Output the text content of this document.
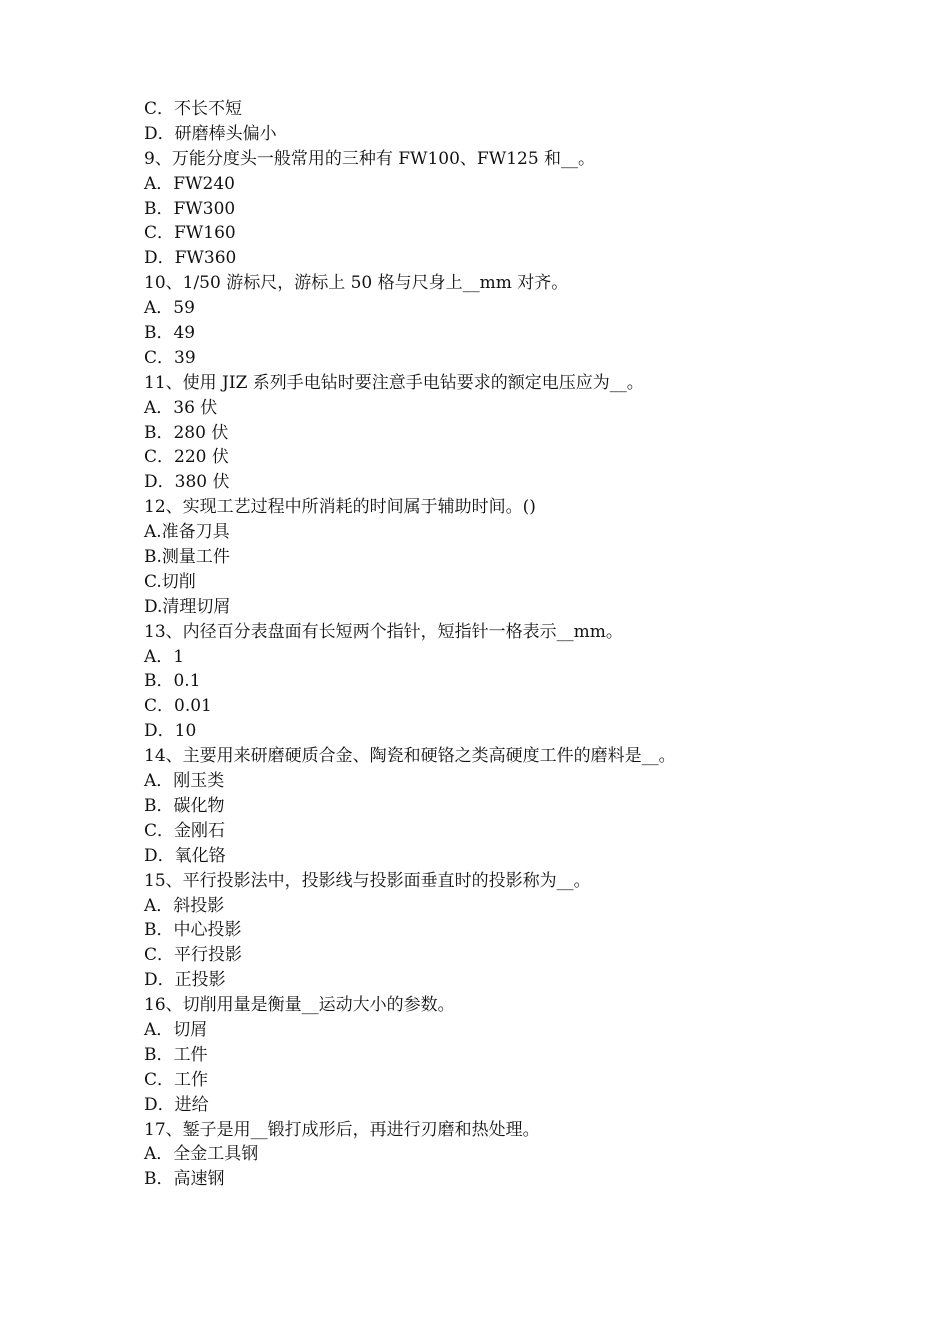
C．不长不短
D．研磨棒头偏小
9、万能分度头一般常用的三种有 FW100、FW125 和__。
A．FW240
B．FW300
C．FW160
D．FW360
10、1/50 游标尺，游标上 50 格与尺身上__mm 对齐。
A．59
B．49
C．39
11、使用 JIZ 系列手电钻时要注意手电钻要求的额定电压应为__。
A．36 伏
B．280 伏
C．220 伏
D．380 伏
12、实现工艺过程中所消耗的时间属于辅助时间。()
A.准备刀具
B.测量工件
C.切削
D.清理切屑
13、内径百分表盘面有长短两个指针，短指针一格表示__mm。
A．1
B．0.1
C．0.01
D．10
14、主要用来研磨硬质合金、陶瓷和硬铬之类高硬度工件的磨料是__。
A．刚玉类
B．碳化物
C．金刚石
D．氧化铬
15、平行投影法中，投影线与投影面垂直时的投影称为__。
A．斜投影
B．中心投影
C．平行投影
D．正投影
16、切削用量是衡量__运动大小的参数。
A．切屑
B．工件
C．工作
D．进给
17、錾子是用__锻打成形后，再进行刃磨和热处理。
A．全金工具钢
B．高速钢
